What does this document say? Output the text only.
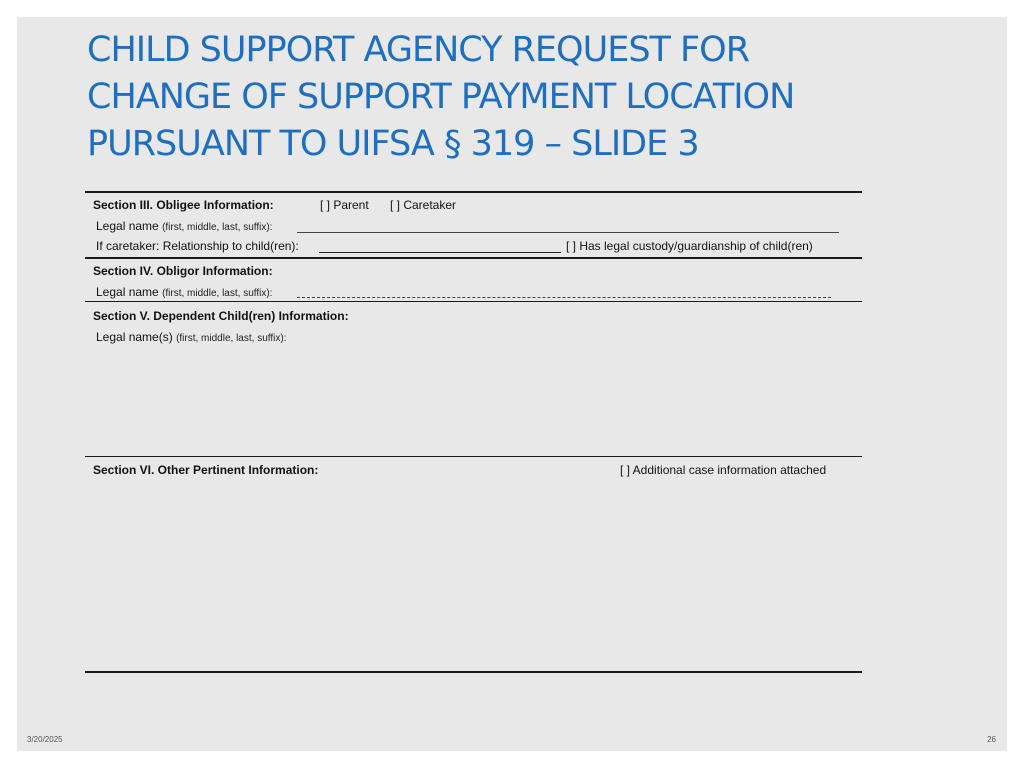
CHILD SUPPORT AGENCY REQUEST FOR
CHANGE OF SUPPORT PAYMENT LOCATION
PURSUANT TO UIFSA § 319 – SLIDE 3
Section III. Obligee Information:	[ ] Parent [ ] Caretaker
Legal name (first, middle, last, suffix):
If caretaker: Relationship to child(ren):	[ ] Has legal custody/guardianship of child(ren)
Section IV. Obligor Information:
Legal name (first, middle, last, suffix):
Section V. Dependent Child(ren) Information:
Legal name(s) (first, middle, last, suffix):
Section VI. Other Pertinent Information:	[ ] Additional case information attached
3/20/2025	26
